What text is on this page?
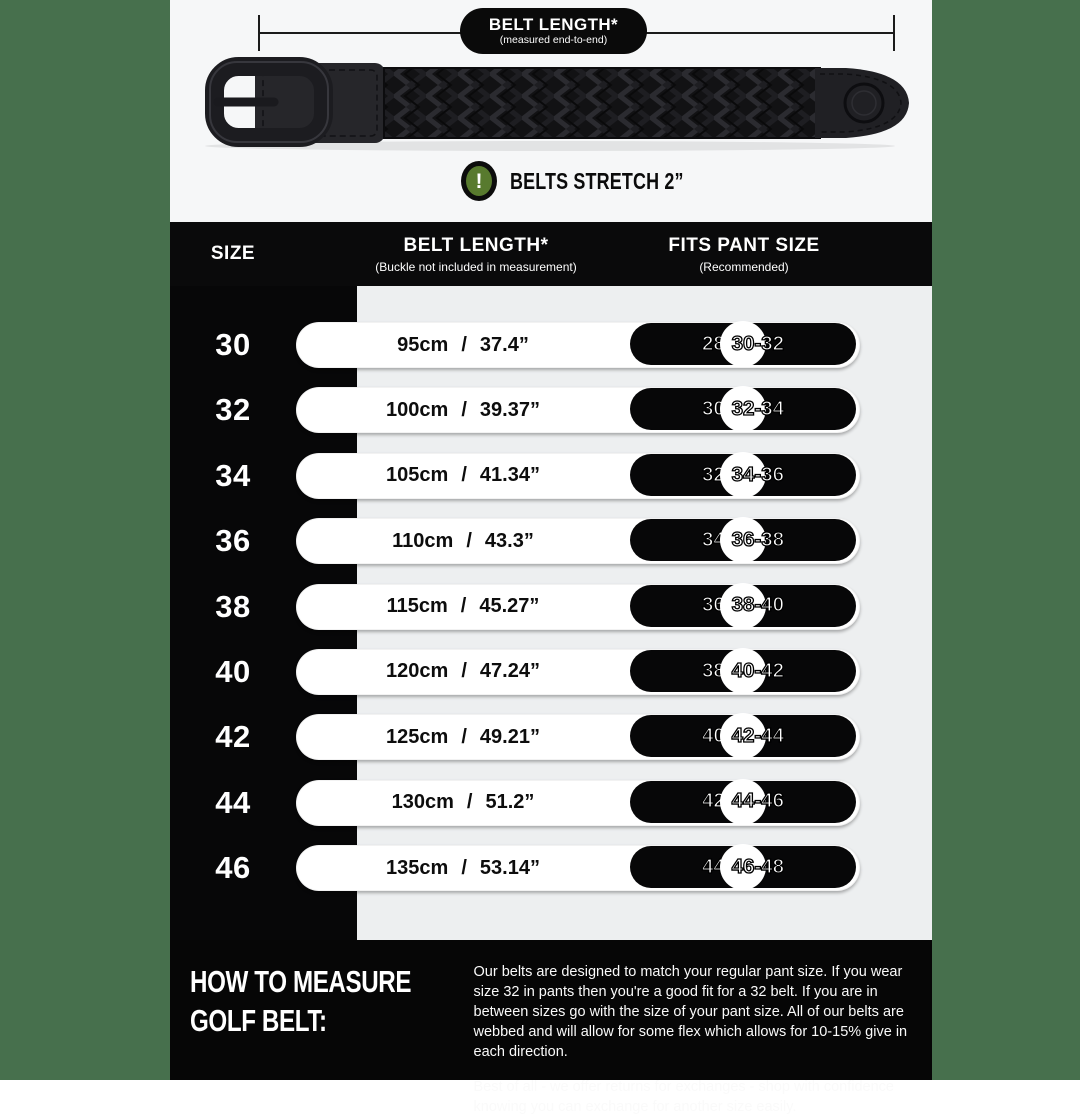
BELT LENGTH*
(measured end-to-end)
! BELTS STRETCH 2”
SIZE	BELT LENGTH*
(Buckle not included in measurement)
FITS PANT SIZE
(Recommended)
30	95cm / 37.4”	28 - 30 - 32
32	100cm / 39.37”	30 - 32 - 34
34	105cm / 41.34”	32 - 34 - 36
36	110cm / 43.3”	34 - 36 - 38
38	115cm / 45.27”	36 - 38 - 40
40	120cm / 47.24”	38 - 40 - 42
42	125cm / 49.21”	40 - 42 - 44
44	130cm / 51.2”	42 - 44 - 46
46	135cm / 53.14”	44 - 46 - 48
HOW TO MEASURE
GOLF BELT:

Our belts are designed to match your regular pant size. If you wear size 32 in pants then you're a good fit for a 32 belt. If you are in between sizes go with the size of your pant size. All of our belts are webbed and will allow for some flex which allows for 10-15% give in each direction.

Best of all - we offer returns for exchanges - shop with confidence knowing you can exchange for another size easily.
